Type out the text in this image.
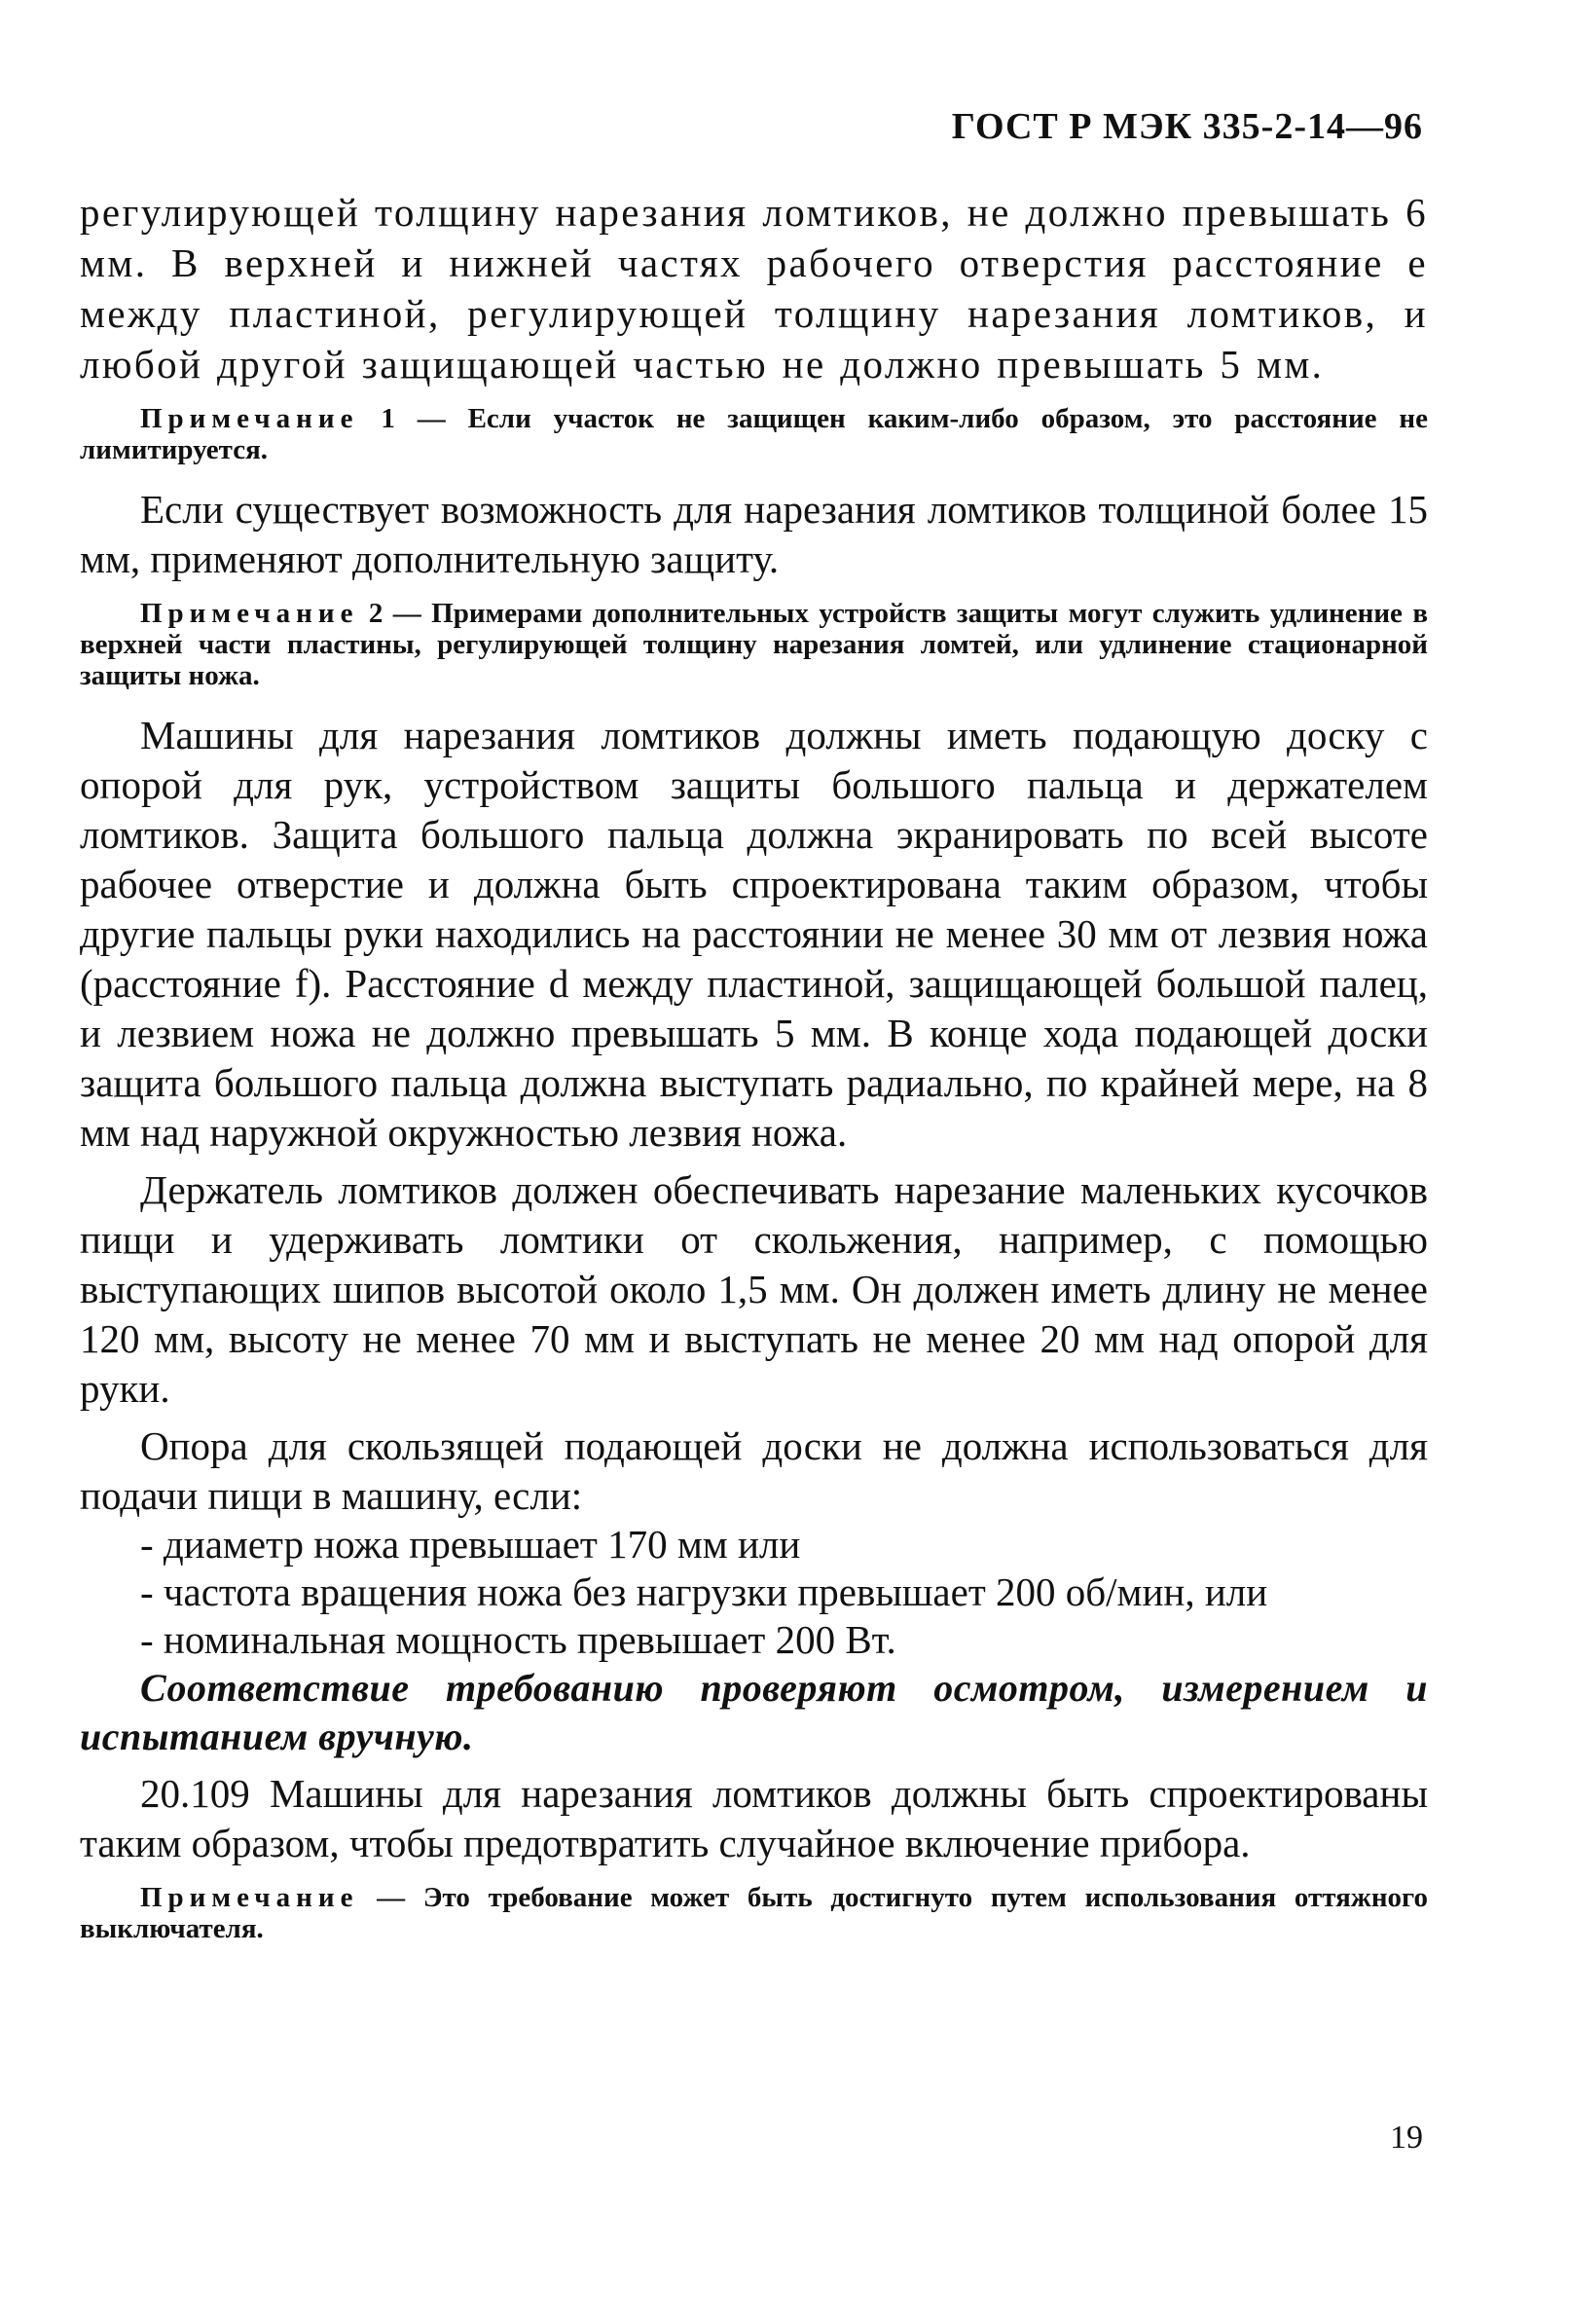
ГОСТ Р МЭК 335-2-14—96

регулирующей толщину нарезания ломтиков, не должно превышать 6 мм. В верхней и нижней частях рабочего отверстия расстояние e между пластиной, регулирующей толщину нарезания ломтиков, и любой другой защищающей частью не должно превышать 5 мм.

Примечание 1 — Если участок не защищен каким-либо образом, это расстояние не лимитируется.

Если существует возможность для нарезания ломтиков толщиной более 15 мм, применяют дополнительную защиту.

Примечание 2 — Примерами дополнительных устройств защиты могут служить удлинение в верхней части пластины, регулирующей толщину нарезания ломтей, или удлинение стационарной защиты ножа.

Машины для нарезания ломтиков должны иметь подающую доску с опорой для рук, устройством защиты большого пальца и держателем ломтиков. Защита большого пальца должна экранировать по всей высоте рабочее отверстие и должна быть спроектирована таким образом, чтобы другие пальцы руки находились на расстоянии не менее 30 мм от лезвия ножа (расстояние f). Расстояние d между пластиной, защищающей большой палец, и лезвием ножа не должно превышать 5 мм. В конце хода подающей доски защита большого пальца должна выступать радиально, по крайней мере, на 8 мм над наружной окружностью лезвия ножа.

Держатель ломтиков должен обеспечивать нарезание маленьких кусочков пищи и удерживать ломтики от скольжения, например, с помощью выступающих шипов высотой около 1,5 мм. Он должен иметь длину не менее 120 мм, высоту не менее 70 мм и выступать не менее 20 мм над опорой для руки.

Опора для скользящей подающей доски не должна использоваться для подачи пищи в машину, если:

- диаметр ножа превышает 170 мм или

- частота вращения ножа без нагрузки превышает 200 об/мин, или

- номинальная мощность превышает 200 Вт.

Соответствие требованию проверяют осмотром, измерением и испытанием вручную.

20.109 Машины для нарезания ломтиков должны быть спроектированы таким образом, чтобы предотвратить случайное включение прибора.

Примечание — Это требование может быть достигнуто путем использования оттяжного выключателя.

19
